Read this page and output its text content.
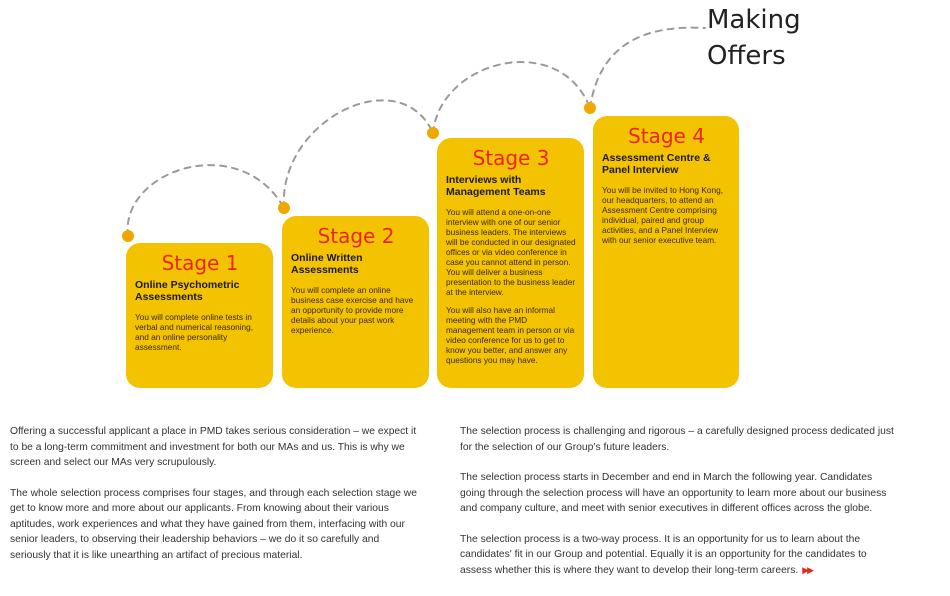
Making
Offers
Stage 1
Online Psychometric Assessments

You will complete online tests in verbal and numerical reasoning, and an online personality assessment.

Stage 2
Online Written Assessments

You will complete an online business case exercise and have an opportunity to provide more details about your past work experience.

Stage 3
Interviews with Management Teams

You will attend a one-on-one interview with one of our senior business leaders. The interviews will be conducted in our designated offices or via video conference in case you cannot attend in person. You will deliver a business presentation to the business leader at the interview.

You will also have an informal meeting with the PMD management team in person or via video conference for us to get to know you better, and answer any questions you may have.

Stage 4
Assessment Centre & Panel Interview

You will be invited to Hong Kong, our headquarters, to attend an Assessment Centre comprising individual, paired and group activities, and a Panel Interview with our senior executive team.

Offering a successful applicant a place in PMD takes serious consideration – we expect it to be a long-term commitment and investment for both our MAs and us. This is why we screen and select our MAs very scrupulously.

The whole selection process comprises four stages, and through each selection stage we get to know more and more about our applicants. From knowing about their various aptitudes, work experiences and what they have gained from them, interfacing with our senior leaders, to observing their leadership behaviors – we do it so carefully and seriously that it is like unearthing an artifact of precious material.

The selection process is challenging and rigorous – a carefully designed process dedicated just for the selection of our Group’s future leaders.

The selection process starts in December and end in March the following year. Candidates going through the selection process will have an opportunity to learn more about our business and company culture, and meet with senior executives in different offices across the globe.

The selection process is a two-way process. It is an opportunity for us to learn about the candidates' fit in our Group and potential. Equally it is an opportunity for the candidates to assess whether this is where they want to develop their long-term careers. ▶▶
